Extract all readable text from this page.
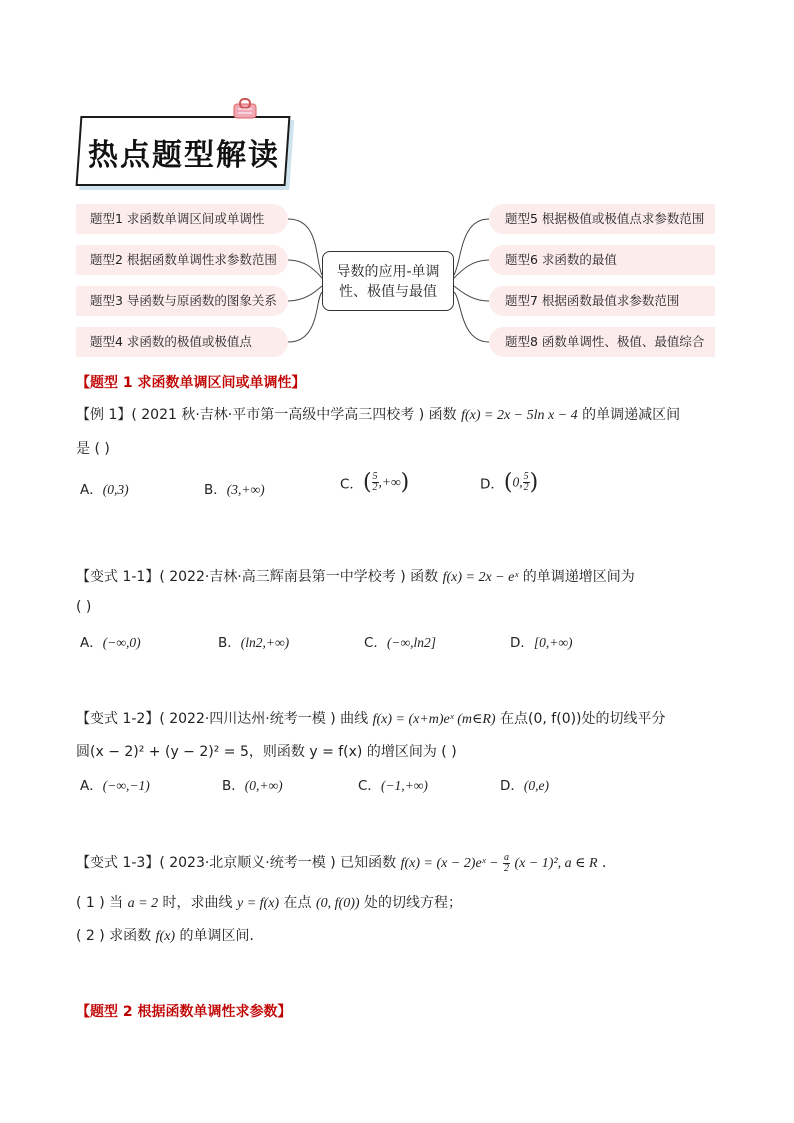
热点题型解读
题型1 求函数单调区间或单调性
题型2 根据函数单调性求参数范围
题型3 导函数与原函数的图象关系
题型4 求函数的极值或极值点
题型5 根据极值或极值点求参数范围
题型6 求函数的最值
题型7 根据函数最值求参数范围
题型8 函数单调性、极值、最值综合
导数的应用-单调
性、极值与最值
【题型 1 求函数单调区间或单调性】
【例 1】( 2021 秋·吉林·平市第一高级中学高三四校考 ) 函数 f(x) = 2x − 5ln x − 4 的单调递减区间
是 ( )
A．(0,3)	B．(3,+∞)	C．( $\frac{5}{2}$ ,+∞)	D．(0, $\frac{5}{2}$ )
【变式 1-1】( 2022·吉林·高三辉南县第一中学校考 ) 函数 f(x) = 2x − eˣ 的单调递增区间为
( )
A．(−∞,0)	B．(ln2,+∞)	C．(−∞,ln2]	D．[0,+∞)
【变式 1-2】( 2022·四川达州·统考一模 ) 曲线 f(x) = (x+m)eˣ (m∈R) 在点(0, f(0))处的切线平分
圆(x − 2)² + (y − 2)² = 5，则函数 y = f(x) 的增区间为 ( )
A．(−∞,−1)	B．(0,+∞)	C．(−1,+∞)	D．(0,e)
【变式 1-3】( 2023·北京顺义·统考一模 ) 已知函数 f(x) = (x − 2)eˣ − $\frac{a}{2} (x - 1)^2$, a ∈ R ．
( 1 ) 当 a = 2 时，求曲线 y = f(x) 在点 (0, f(0)) 处的切线方程；
( 2 ) 求函数 f(x) 的单调区间．
【题型 2 根据函数单调性求参数】
